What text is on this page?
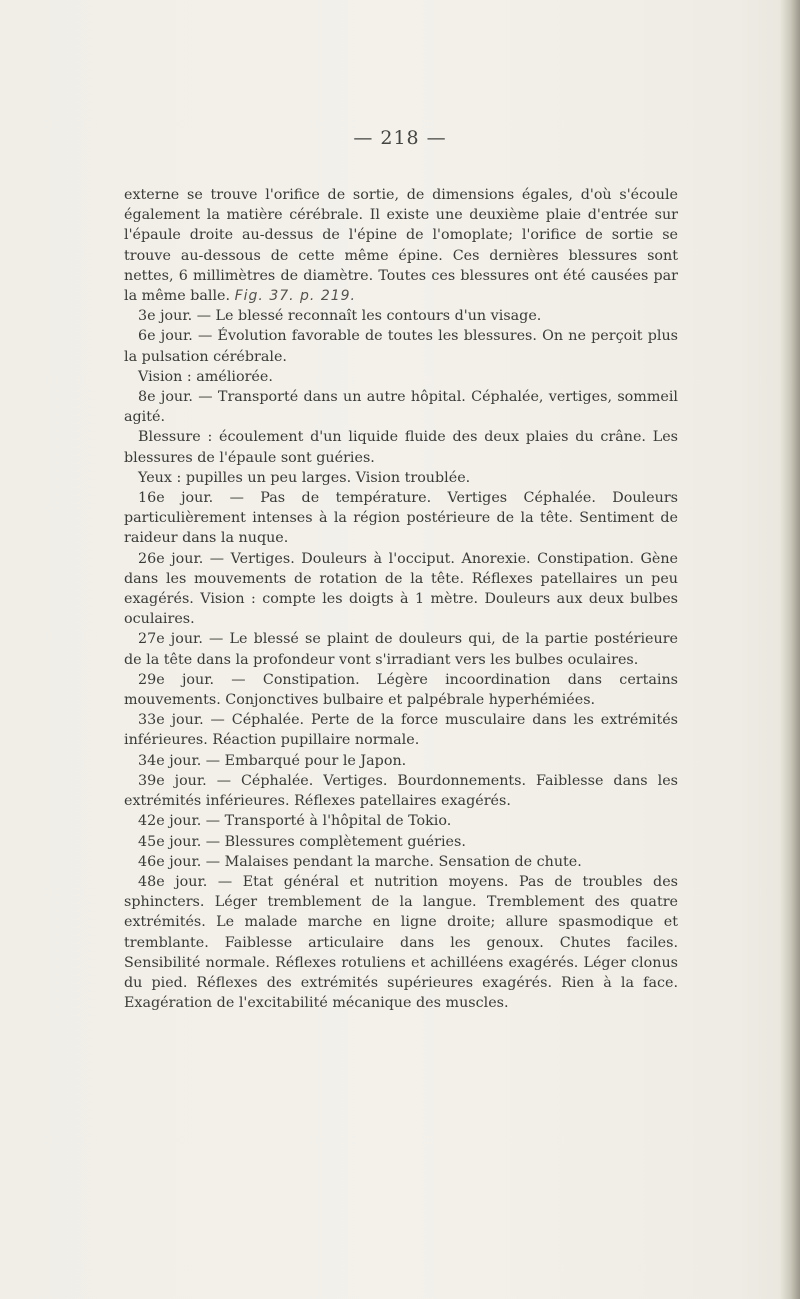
— 218 —

externe se trouve l'orifice de sortie, de dimensions égales, d'où s'écoule également la matière cérébrale. Il existe une deuxième plaie d'entrée sur l'épaule droite au-dessus de l'épine de l'omoplate; l'orifice de sortie se trouve au-dessous de cette même épine. Ces dernières blessures sont nettes, 6 millimètres de diamètre. Toutes ces blessures ont été causées par la même balle. Fig. 37. p. 219.

3e jour. — Le blessé reconnaît les contours d'un visage.

6e jour. — Évolution favorable de toutes les blessures. On ne perçoit plus la pulsation cérébrale.

Vision : améliorée.

8e jour. — Transporté dans un autre hôpital. Céphalée, vertiges, sommeil agité.

Blessure : écoulement d'un liquide fluide des deux plaies du crâne. Les blessures de l'épaule sont guéries.

Yeux : pupilles un peu larges. Vision troublée.

16e jour. — Pas de température. Vertiges Céphalée. Douleurs particulièrement intenses à la région postérieure de la tête. Sentiment de raideur dans la nuque.

26e jour. — Vertiges. Douleurs à l'occiput. Anorexie. Constipation. Gène dans les mouvements de rotation de la tête. Réflexes patellaires un peu exagérés. Vision : compte les doigts à 1 mètre. Douleurs aux deux bulbes oculaires.

27e jour. — Le blessé se plaint de douleurs qui, de la partie postérieure de la tête dans la profondeur vont s'irradiant vers les bulbes oculaires.

29e jour. — Constipation. Légère incoordination dans certains mouvements. Conjonctives bulbaire et palpébrale hyperhémiées.

33e jour. — Céphalée. Perte de la force musculaire dans les extrémités inférieures. Réaction pupillaire normale.

34e jour. — Embarqué pour le Japon.

39e jour. — Céphalée. Vertiges. Bourdonnements. Faiblesse dans les extrémités inférieures. Réflexes patellaires exagérés.

42e jour. — Transporté à l'hôpital de Tokio.

45e jour. — Blessures complètement guéries.

46e jour. — Malaises pendant la marche. Sensation de chute.

48e jour. — Etat général et nutrition moyens. Pas de troubles des sphincters. Léger tremblement de la langue. Tremblement des quatre extrémités. Le malade marche en ligne droite; allure spasmodique et tremblante. Faiblesse articulaire dans les genoux. Chutes faciles. Sensibilité normale. Réflexes rotuliens et achilléens exagérés. Léger clonus du pied. Réflexes des extrémités supérieures exagérés. Rien à la face. Exagération de l'excitabilité mécanique des muscles.
